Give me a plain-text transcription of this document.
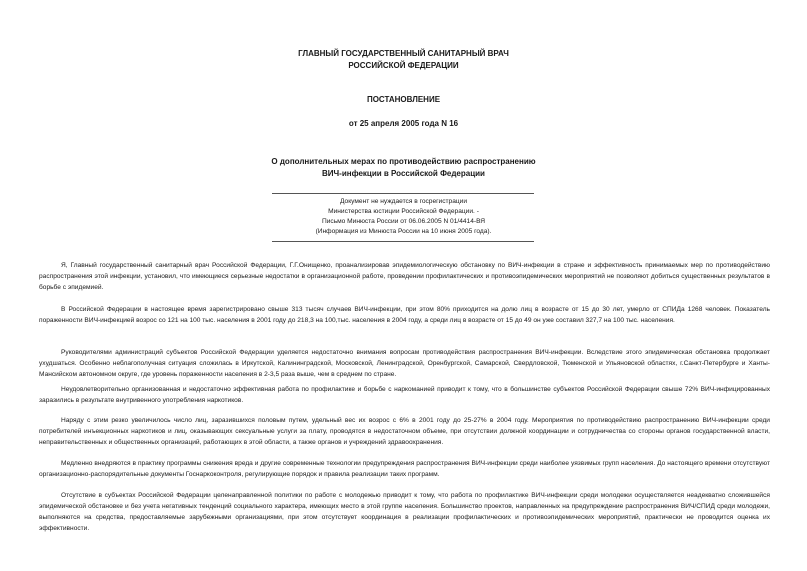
ГЛАВНЫЙ ГОСУДАРСТВЕННЫЙ САНИТАРНЫЙ ВРАЧ
РОССИЙСКОЙ ФЕДЕРАЦИИ
ПОСТАНОВЛЕНИЕ
от 25 апреля 2005 года N 16
О дополнительных мерах по противодействию распространению
ВИЧ-инфекции в Российской Федерации
Документ не нуждается в госрегистрации
Министерства юстиции Российской Федерации. -
Письмо Минюста России от 06.06.2005 N 01/4414-ВЯ
(Информация из Минюста России на 10 июня 2005 года).

Я, Главный государственный санитарный врач Российской Федерации, Г.Г.Онищенко, проанализировав эпидемиологическую обстановку по ВИЧ-инфекции в стране и эффективность принимаемых мер по противодействию распространения этой инфекции, установил, что имеющиеся серьезные недостатки в организационной работе, проведении профилактических и противоэпидемических мероприятий не позволяют добиться существенных результатов в борьбе с эпидемией.

В Российской Федерации в настоящее время зарегистрировано свыше 313 тысяч случаев ВИЧ-инфекции, при этом 80% приходится на долю лиц в возрасте от 15 до 30 лет, умерло от СПИДа 1268 человек. Показатель пораженности ВИЧ-инфекцией возрос со 121 на 100 тыс. населения в 2001 году до 218,3 на 100,тыс. населения в 2004 году, а среди лиц в возрасте от 15 до 49 он уже составил 327,7 на 100 тыс. населения.

Руководителями администраций субъектов Российской Федерации уделяется недостаточно внимания вопросам противодействия распространения ВИЧ-инфекции. Вследствие этого эпидемическая обстановка продолжает ухудшаться. Особенно неблагополучная ситуация сложилась в Иркутской, Калининградской, Московской, Ленинградской, Оренбургской, Самарской, Свердловской, Тюменской и Ульяновской областях, г.Санкт-Петербурге и Ханты-Мансийском автономном округе, где уровень пораженности населения в 2-3,5 раза выше, чем в среднем по стране.

Неудовлетворительно организованная и недостаточно эффективная работа по профилактике и борьбе с наркоманией приводит к тому, что в большинстве субъектов Российской Федерации свыше 72% ВИЧ-инфицированных заразились в результате внутривенного употребления наркотиков.

Наряду с этим резко увеличилось число лиц, заразившихся половым путем, удельный вес их возрос с 6% в 2001 году до 25-27% в 2004 году. Мероприятия по противодействию распространению ВИЧ-инфекции среди потребителей инъекционных наркотиков и лиц, оказывающих сексуальные услуги за плату, проводятся в недостаточном объеме, при отсутствии должной координации и сотрудничества со стороны органов государственной власти, неправительственных и общественных организаций, работающих в этой области, а также органов и учреждений здравоохранения.

Медленно внедряются в практику программы снижения вреда и другие современные технологии предупреждения распространения ВИЧ-инфекции среди наиболее уязвимых групп населения. До настоящего времени отсутствуют организационно-распорядительные документы Госнаркоконтроля, регулирующие порядок и правила реализации таких программ.

Отсутствие в субъектах Российской Федерации целенаправленной политики по работе с молодежью приводит к тому, что работа по профилактике ВИЧ-инфекции среди молодежи осуществляется неадекватно сложившейся эпидемической обстановке и без учета негативных тенденций социального характера, имеющих место в этой группе населения. Большинство проектов, направленных на предупреждение распространения ВИЧ/СПИД среди молодежи, выполняются на средства, предоставляемые зарубежными организациями, при этом отсутствует координация в реализации профилактических и противоэпидемических мероприятий, практически не проводится оценка их эффективности.
